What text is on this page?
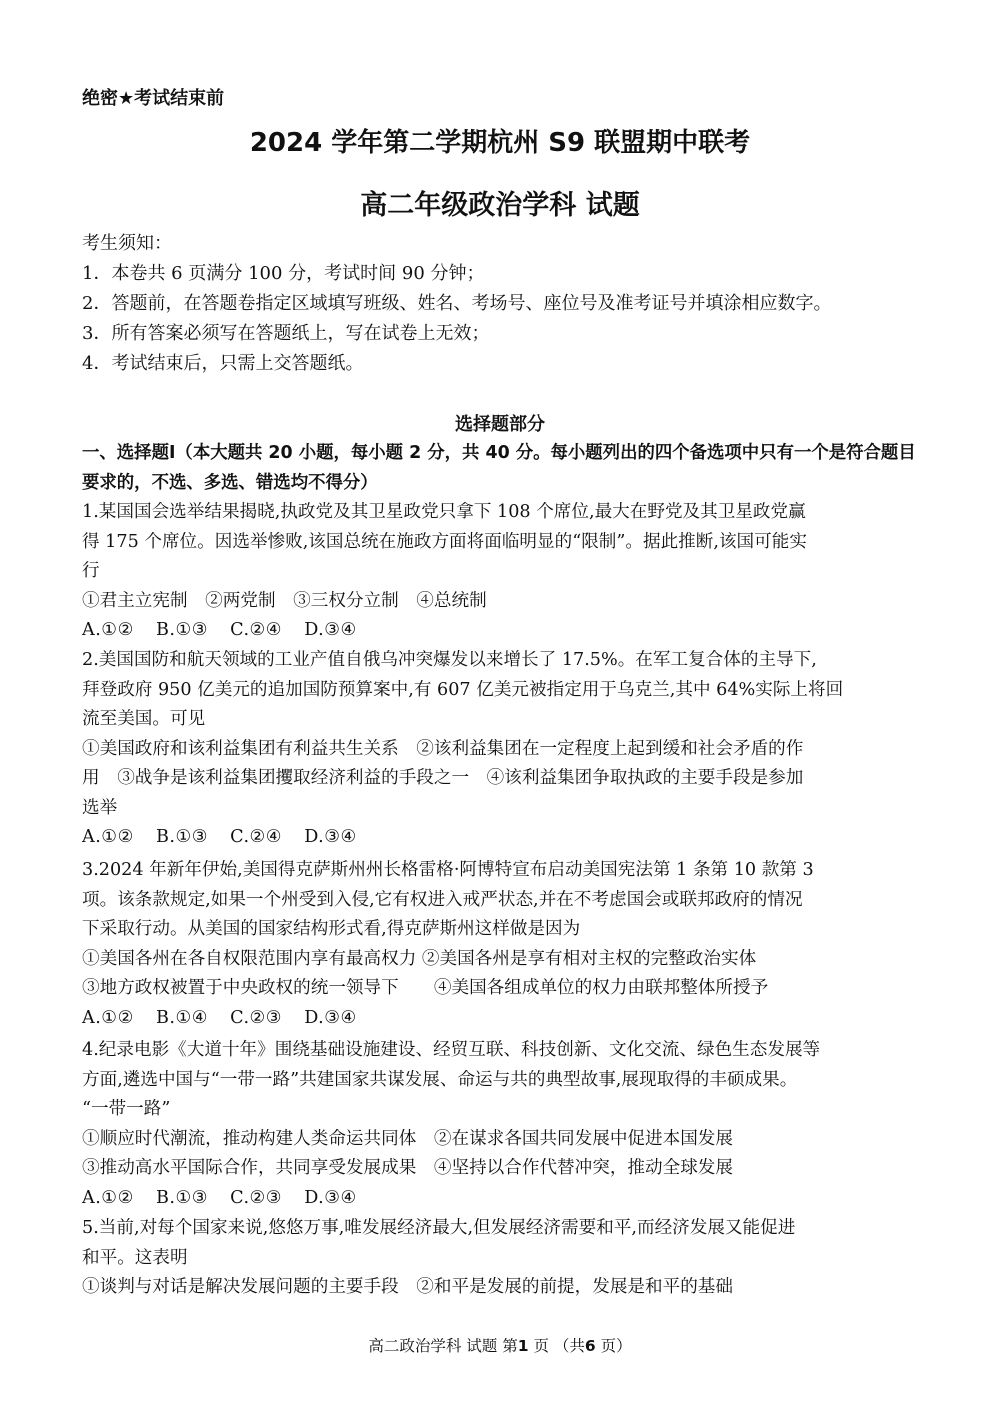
绝密★考试结束前
2024 学年第二学期杭州 S9 联盟期中联考
高二年级政治学科 试题
考生须知：
1．本卷共 6 页满分 100 分，考试时间 90 分钟；
2．答题前，在答题卷指定区域填写班级、姓名、考场号、座位号及准考证号并填涂相应数字。
3．所有答案必须写在答题纸上，写在试卷上无效；
4．考试结束后，只需上交答题纸。
选择题部分
一、选择题Ⅰ（本大题共 20 小题，每小题 2 分，共 40 分。每小题列出的四个备选项中只有一个是符合题目要求的，不选、多选、错选均不得分）
1.某国国会选举结果揭晓,执政党及其卫星政党只拿下 108 个席位,最大在野党及其卫星政党赢
得 175 个席位。因选举惨败,该国总统在施政方面将面临明显的“限制”。据此推断,该国可能实
行
①君主立宪制　②两党制　③三权分立制　④总统制
A.①② B.①③ C.②④ D.③④
2.美国国防和航天领域的工业产值自俄乌冲突爆发以来增长了 17.5%。在军工复合体的主导下,
拜登政府 950 亿美元的追加国防预算案中,有 607 亿美元被指定用于乌克兰,其中 64%实际上将回
流至美国。可见
①美国政府和该利益集团有利益共生关系　②该利益集团在一定程度上起到缓和社会矛盾的作
用　③战争是该利益集团攫取经济利益的手段之一　④该利益集团争取执政的主要手段是参加
选举
A.①② B.①③ C.②④ D.③④
3.2024 年新年伊始,美国得克萨斯州州长格雷格·阿博特宣布启动美国宪法第 1 条第 10 款第 3
项。该条款规定,如果一个州受到入侵,它有权进入戒严状态,并在不考虑国会或联邦政府的情况
下采取行动。从美国的国家结构形式看,得克萨斯州这样做是因为
①美国各州在各自权限范围内享有最高权力 ②美国各州是享有相对主权的完整政治实体
③地方政权被置于中央政权的统一领导下　　④美国各组成单位的权力由联邦整体所授予
A.①② B.①④ C.②③ D.③④
4.纪录电影《大道十年》围绕基础设施建设、经贸互联、科技创新、文化交流、绿色生态发展等
方面,遴选中国与“一带一路”共建国家共谋发展、命运与共的典型故事,展现取得的丰硕成果。
“一带一路”
①顺应时代潮流，推动构建人类命运共同体　②在谋求各国共同发展中促进本国发展
③推动高水平国际合作，共同享受发展成果　④坚持以合作代替冲突，推动全球发展
A.①② B.①③ C.②③ D.③④
5.当前,对每个国家来说,悠悠万事,唯发展经济最大,但发展经济需要和平,而经济发展又能促进
和平。这表明
①谈判与对话是解决发展问题的主要手段　②和平是发展的前提，发展是和平的基础
高二政治学科 试题 第1 页 （共6 页）
